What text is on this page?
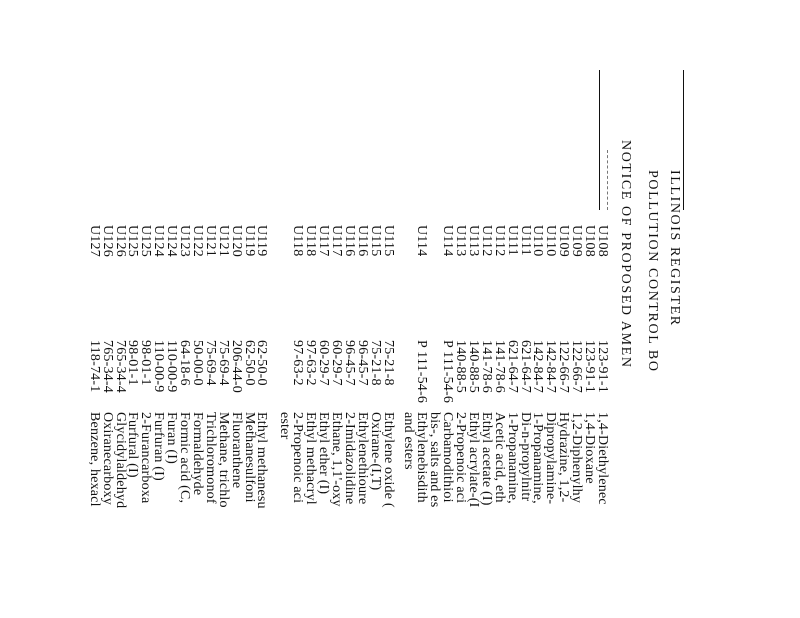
ILLINOIS REGISTER
POLLUTION CONTROL BO
NOTICE OF PROPOSED AMEN
U108
123-91-1
1,4-Diethylenec
U108
123-91-1
1,4-Dioxane
U109
122-66-7
1,2-Diphenylhy
U109
122-66-7
Hydrazine, 1,2-
U110
142-84-7
Dipropylamine-
U110
142-84-7
1-Propanamine,
U111
621-64-7
Di-n-propylnitr
U111
621-64-7
1-Propanamine,
U112
141-78-6
Acetic acid, eth
U112
141-78-6
Ethyl acetate (I)
U113
140-88-5
Ethyl acrylate-(I
U113
140-88-5
2-Propenoic aci
U114
P 111-54-6
Carbamodithioi
bis-, salts and es
U114
P 111-54-6
Ethylenebisdith
and esters
U115
75-21-8
Ethylene oxide (
U115
75-21-8
Oxirane-(I,T)
U116
96-45-7
Ethylenethioure
U116
96-45-7
2-Imidazolidine
U117
60-29-7
Ethane, 1,1'-oxy
U117
60-29-7
Ethyl ether (I)
U118
97-63-2
Ethyl methacryl
U118
97-63-2
2-Propenoic aci
ester
U119
62-50-0
Ethyl methanesu
U119
62-50-0
Methanesulfoni
U120
206-44-0
Fluoranthene
U121
75-69-4
Methane, trichlo
U121
75-69-4
Trichloromonof
U122
50-00-0
Formaldehyde
U123
64-18-6
Formic acid (C,
U124
110-00-9
Furan (I)
U124
110-00-9
Furfuran (I)
U125
98-01-1
2-Furancarboxa
U125
98-01-1
Furfural (I)
U126
765-34-4
Glycidylaldehyd
U126
765-34-4
Oxiranecarboxy
U127
118-74-1
Benzene, hexacl
